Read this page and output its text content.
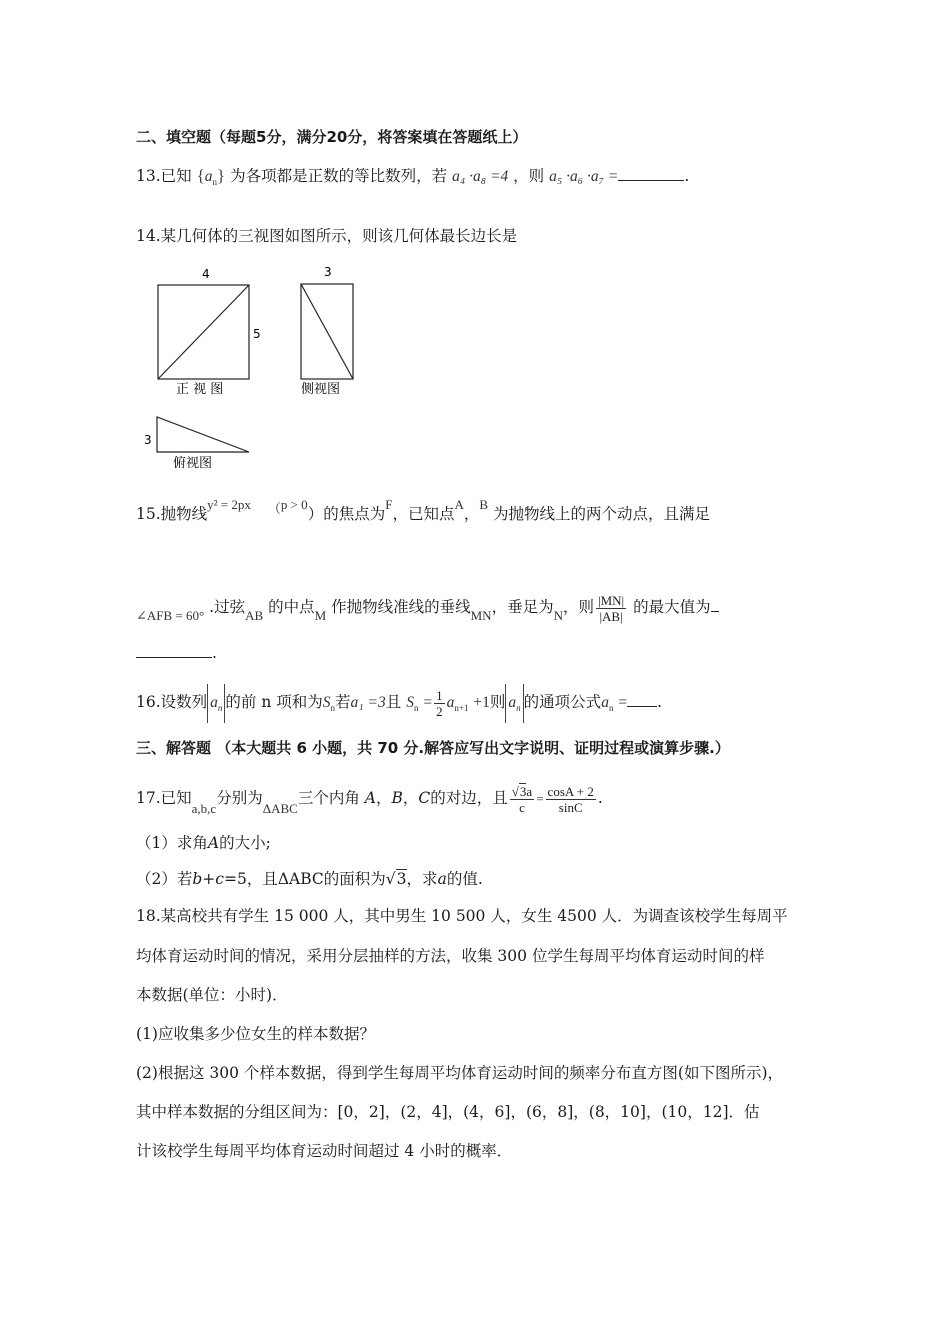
二、填空题（每题5分，满分20分，将答案填在答题纸上）
13.已知 $\{a_n\}$ 为各项都是正数的等比数列，若 a₄ ·a₈ =4 ，则 a₅ ·a₆ ·a₇ =	.
14.某几何体的三视图如图所示，则该几何体最长边长是
4
5
正 视 图
3
侧视图
3
俯视图
15.抛物线$^{y^2 = 2px}$ $^{(p > 0}$）的焦点为$^F$，已知点$^A$，$^B$ 为抛物线上的两个动点，且满足
$_{\angle AFB = 60^\circ}$ .过弦$_{AB}$ 的中点$_M$ 作抛物线准线的垂线$_{MN}$，垂足为$_N$，则 $\frac{|MN|}{|AB|}$ 的最大值为
.
16.设数列 $a_n$ 的前 n 项和为$S_n$若a₁ =3且 $S_n = \frac{1}{2} a_{n+1} +1$则 $a_n$ 的通项公式$a_n$ = .
三、解答题 （本大题共 6 小题，共 70 分.解答应写出文字说明、证明过程或演算步骤.）
17.已知$_{a,b,c}$分别为$_{\Delta ABC}$三个内角 A，B，C的对边，且 $\frac{√3a}{c} = \frac{\cos A + 2}{\sin C}$ .
（1）求角A的大小;
（2）若b+c=5，且ΔABC的面积为√3，求a的值.
18.某高校共有学生 15 000 人，其中男生 10 500 人，女生 4500 人．为调查该校学生每周平
均体育运动时间的情况，采用分层抽样的方法，收集 300 位学生每周平均体育运动时间的样
本数据(单位：小时)．
(1)应收集多少位女生的样本数据？
(2)根据这 300 个样本数据，得到学生每周平均体育运动时间的频率分布直方图(如下图所示)，
其中样本数据的分组区间为：[0，2]，(2，4]，(4，6]，(6，8]，(8，10]，(10，12]．估
计该校学生每周平均体育运动时间超过 4 小时的概率．
